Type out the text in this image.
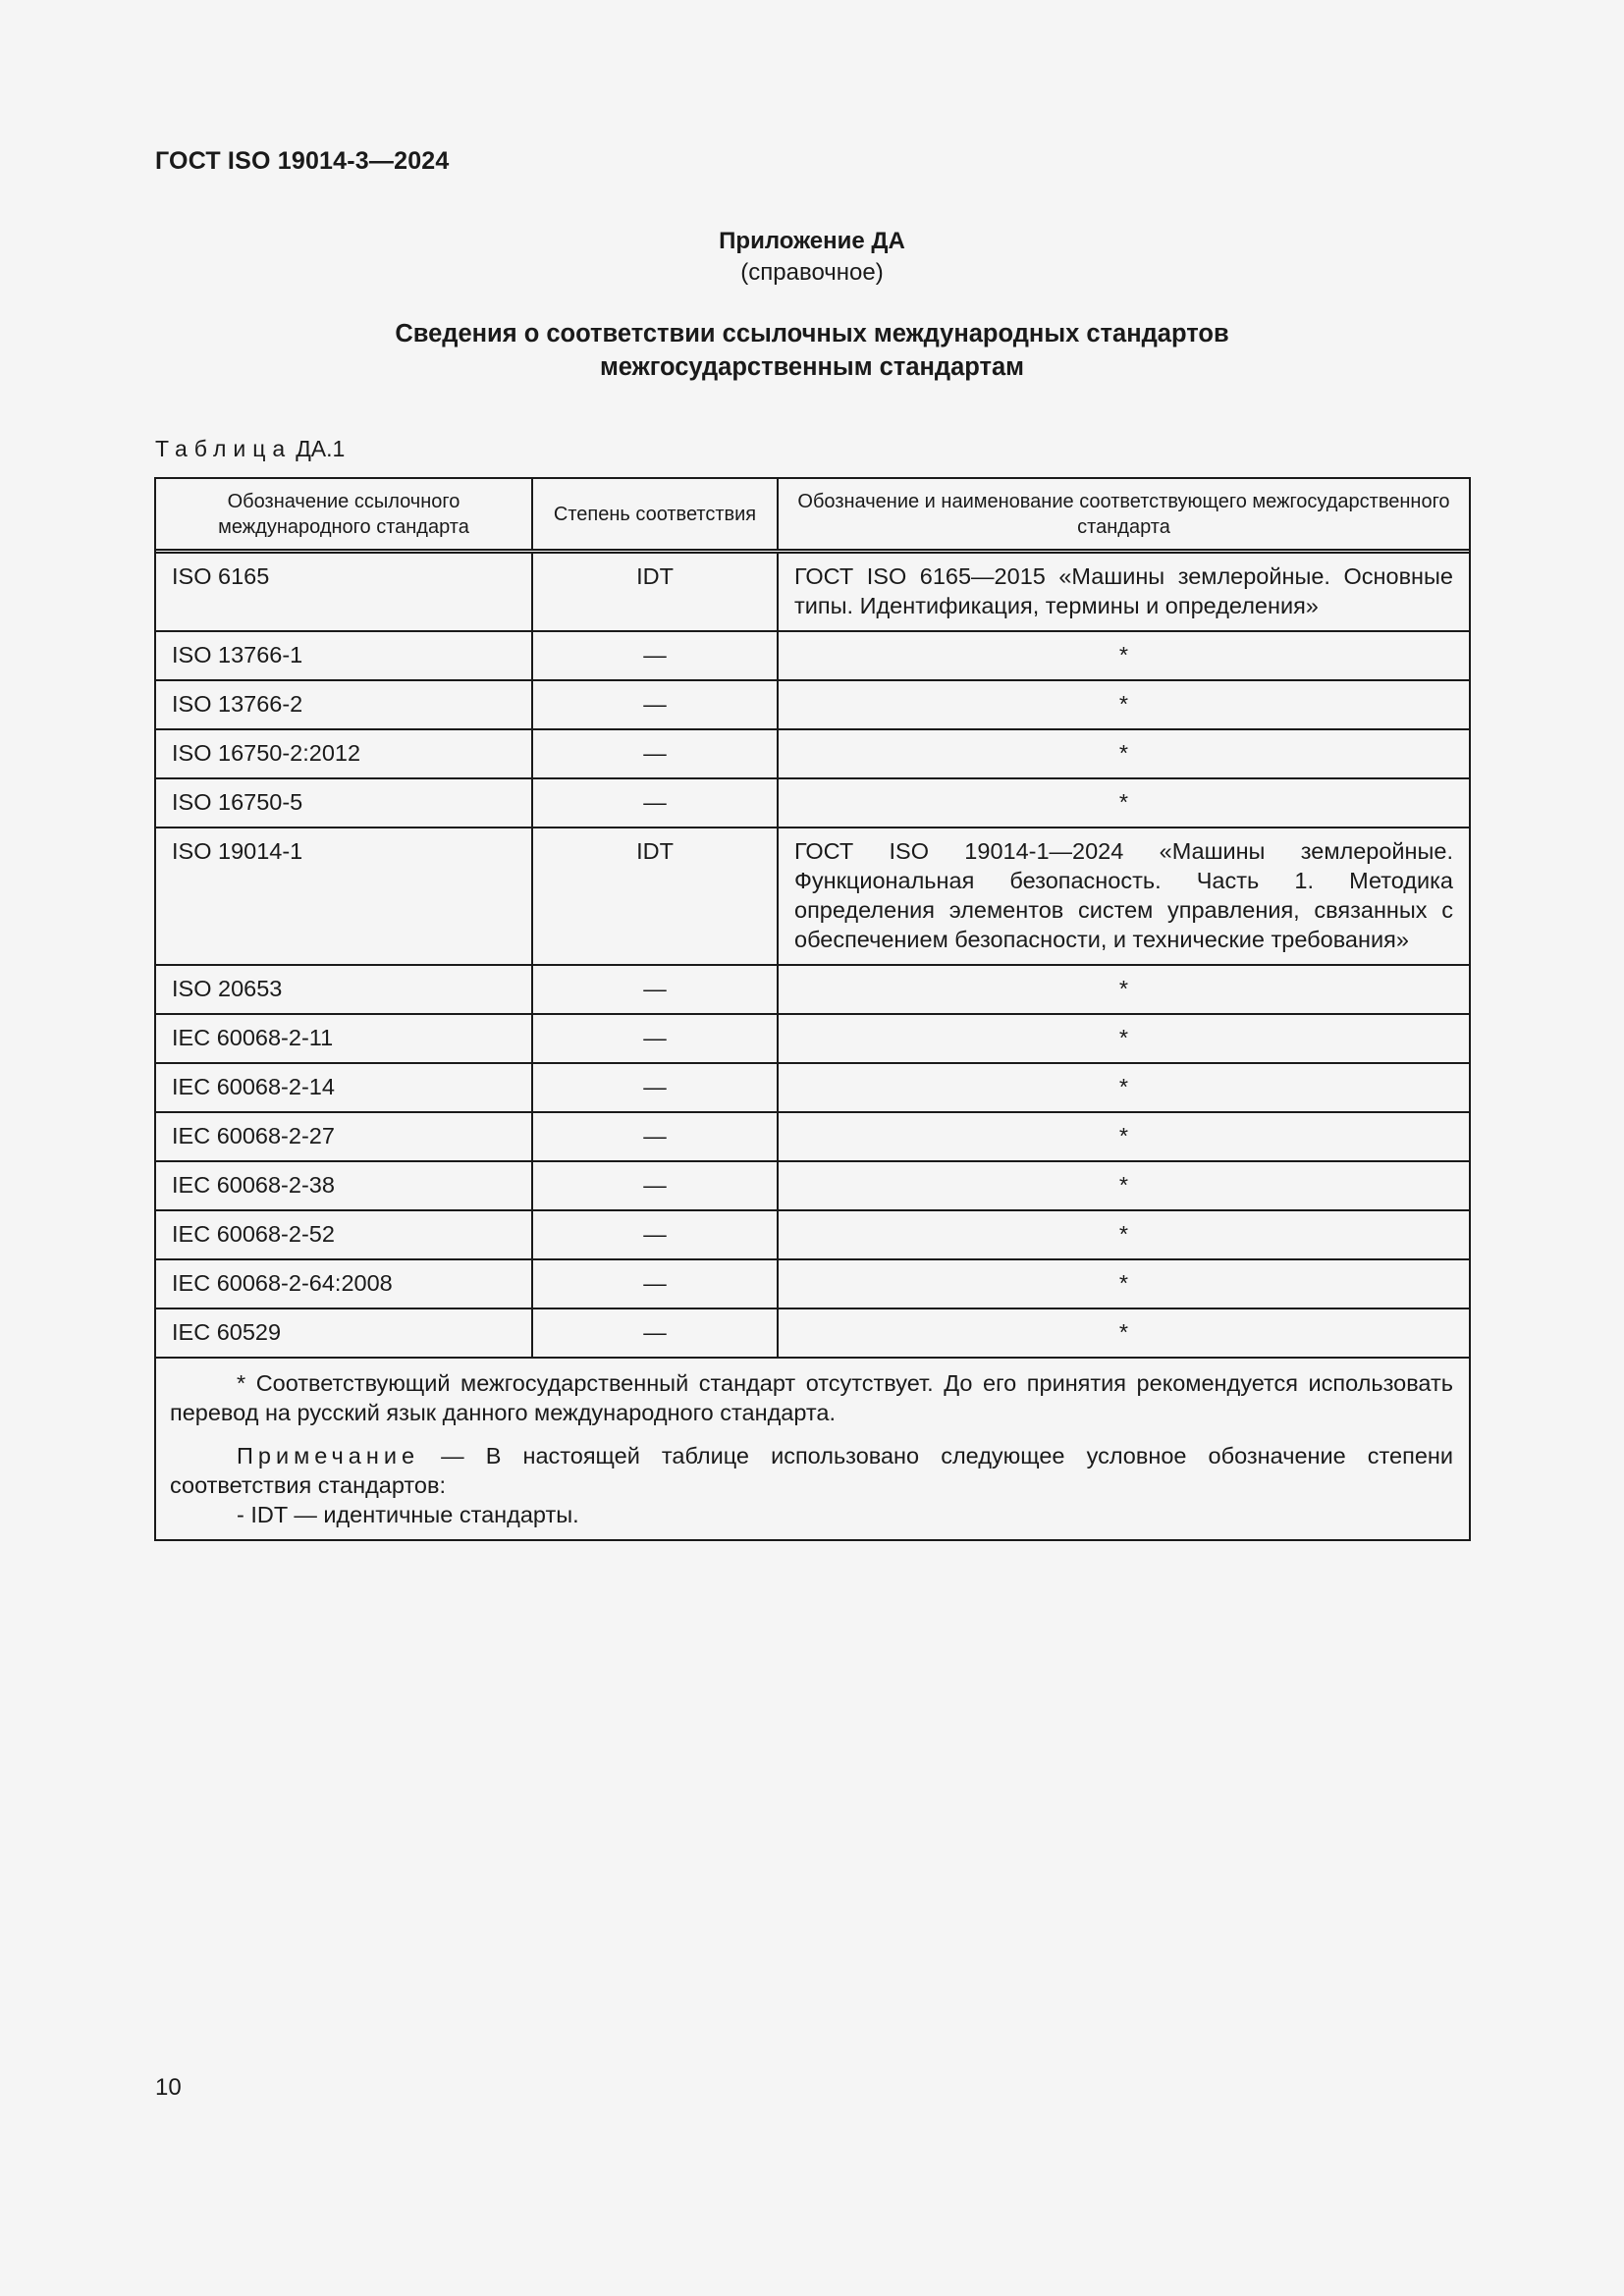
ГОСТ ISO 19014-3—2024
Приложение ДА
(справочное)
Сведения о соответствии ссылочных международных стандартов
межгосударственным стандартам
Таблица ДА.1
Обозначение ссылочного международного стандарта	Степень соответствия	Обозначение и наименование соответствующего межгосударственного стандарта
ISO 6165	IDT	ГОСТ ISO 6165—2015 «Машины землеройные. Основные типы. Идентификация, термины и определения»
ISO 13766-1	—	*
ISO 13766-2	—	*
ISO 16750-2:2012	—	*
ISO 16750-5	—	*
ISO 19014-1	IDT	ГОСТ ISO 19014-1—2024 «Машины землеройные. Функциональная безопасность. Часть 1. Методика определения элементов систем управления, связанных с обеспечением безопасности, и технические требования»
ISO 20653	—	*
IEC 60068-2-11	—	*
IEC 60068-2-14	—	*
IEC 60068-2-27	—	*
IEC 60068-2-38	—	*
IEC 60068-2-52	—	*
IEC 60068-2-64:2008	—	*
IEC 60529	—	*

* Соответствующий межгосударственный стандарт отсутствует. До его принятия рекомендуется использовать перевод на русский язык данного международного стандарта.

Примечание — В настоящей таблице использовано следующее условное обозначение степени соответствия стандартов:

- IDT — идентичные стандарты.		

10
